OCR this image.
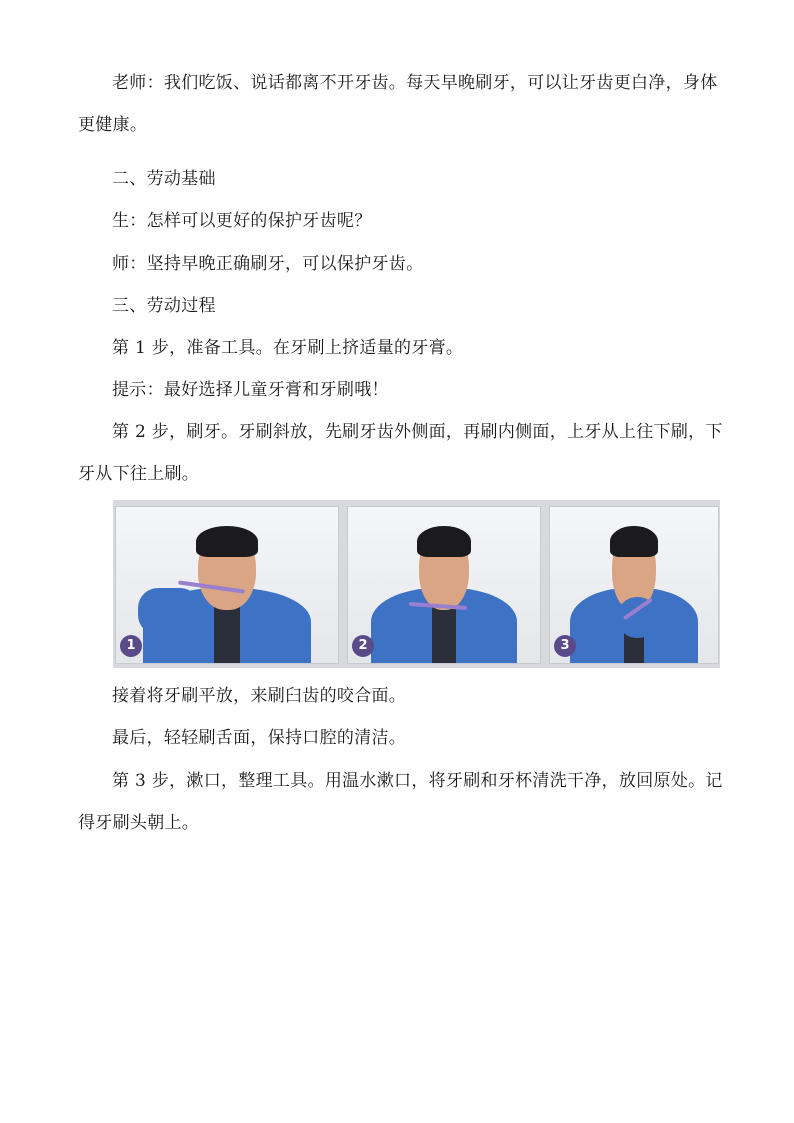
老师：我们吃饭、说话都离不开牙齿。每天早晚刷牙，可以让牙齿更白净，身体更健康。

二、劳动基础

生：怎样可以更好的保护牙齿呢？

师：坚持早晚正确刷牙，可以保护牙齿。

三、劳动过程

第 1 步，准备工具。在牙刷上挤适量的牙膏。

提示：最好选择儿童牙膏和牙刷哦！

第 2 步，刷牙。牙刷斜放，先刷牙齿外侧面，再刷内侧面，上牙从上往下刷，下牙从下往上刷。

1	2	3

接着将牙刷平放，来刷臼齿的咬合面。

最后，轻轻刷舌面，保持口腔的清洁。

第 3 步，漱口，整理工具。用温水漱口，将牙刷和牙杯清洗干净，放回原处。记得牙刷头朝上。
